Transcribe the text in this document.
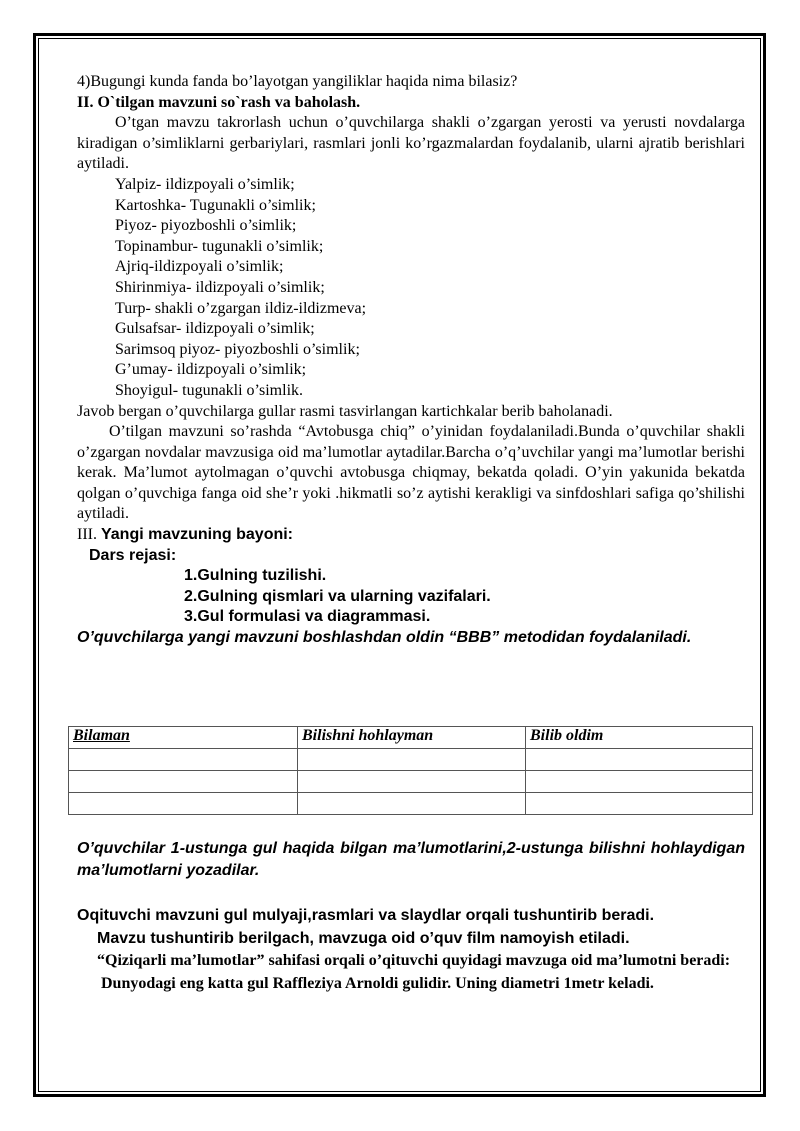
4)Bugungi kunda fanda bo’layotgan yangiliklar haqida nima bilasiz?

II. O`tilgan mavzuni so`rash va baholash.

O’tgan mavzu takrorlash uchun o’quvchilarga shakli o’zgargan yerosti va yerusti novdalarga kiradigan o’simliklarni gerbariylari, rasmlari jonli ko’rgazmalardan foydalanib, ularni ajratib berishlari aytiladi.

Yalpiz- ildizpoyali o’simlik;

Kartoshka- Tugunakli o’simlik;

Piyoz- piyozboshli o’simlik;

Topinambur- tugunakli o’simlik;

Ajriq-ildizpoyali o’simlik;

Shirinmiya- ildizpoyali o’simlik;

Turp- shakli o’zgargan ildiz-ildizmeva;

Gulsafsar- ildizpoyali o’simlik;

Sarimsoq piyoz- piyozboshli o’simlik;

G’umay- ildizpoyali o’simlik;

Shoyigul- tugunakli o’simlik.

Javob bergan o’quvchilarga gullar rasmi tasvirlangan kartichkalar berib baholanadi.

O’tilgan mavzuni so’rashda “Avtobusga chiq” o’yinidan foydalaniladi.Bunda o’quvchilar shakli o’zgargan novdalar mavzusiga oid ma’lumotlar aytadilar.Barcha o’q’uvchilar yangi ma’lumotlar berishi kerak. Ma’lumot aytolmagan o’quvchi avtobusga chiqmay, bekatda qoladi. O’yin yakunida bekatda qolgan o’quvchiga fanga oid she’r yoki .hikmatli so’z aytishi kerakligi va sinfdoshlari safiga qo’shilishi aytiladi.

III. Yangi mavzuning bayoni:

Dars rejasi:

1.Gulning tuzilishi.

2.Gulning qismlari va ularning vazifalari.

3.Gul formulasi va diagrammasi.

O’quvchilarga yangi mavzuni boshlashdan oldin “BBB” metodidan foydalaniladi.

Bilaman	Bilishni hohlayman	Bilib oldim

O’quvchilar 1-ustunga gul haqida bilgan ma’lumotlarini,2-ustunga bilishni hohlaydigan ma’lumotlarni yozadilar.

Oqituvchi mavzuni gul mulyaji,rasmlari va slaydlar orqali tushuntirib beradi.

Mavzu tushuntirib berilgach, mavzuga oid o’quv film namoyish etiladi.

“Qiziqarli ma’lumotlar” sahifasi orqali o’qituvchi quyidagi mavzuga oid ma’lumotni beradi:

Dunyodagi eng katta gul Raffleziya Arnoldi gulidir. Uning diametri 1metr keladi.
